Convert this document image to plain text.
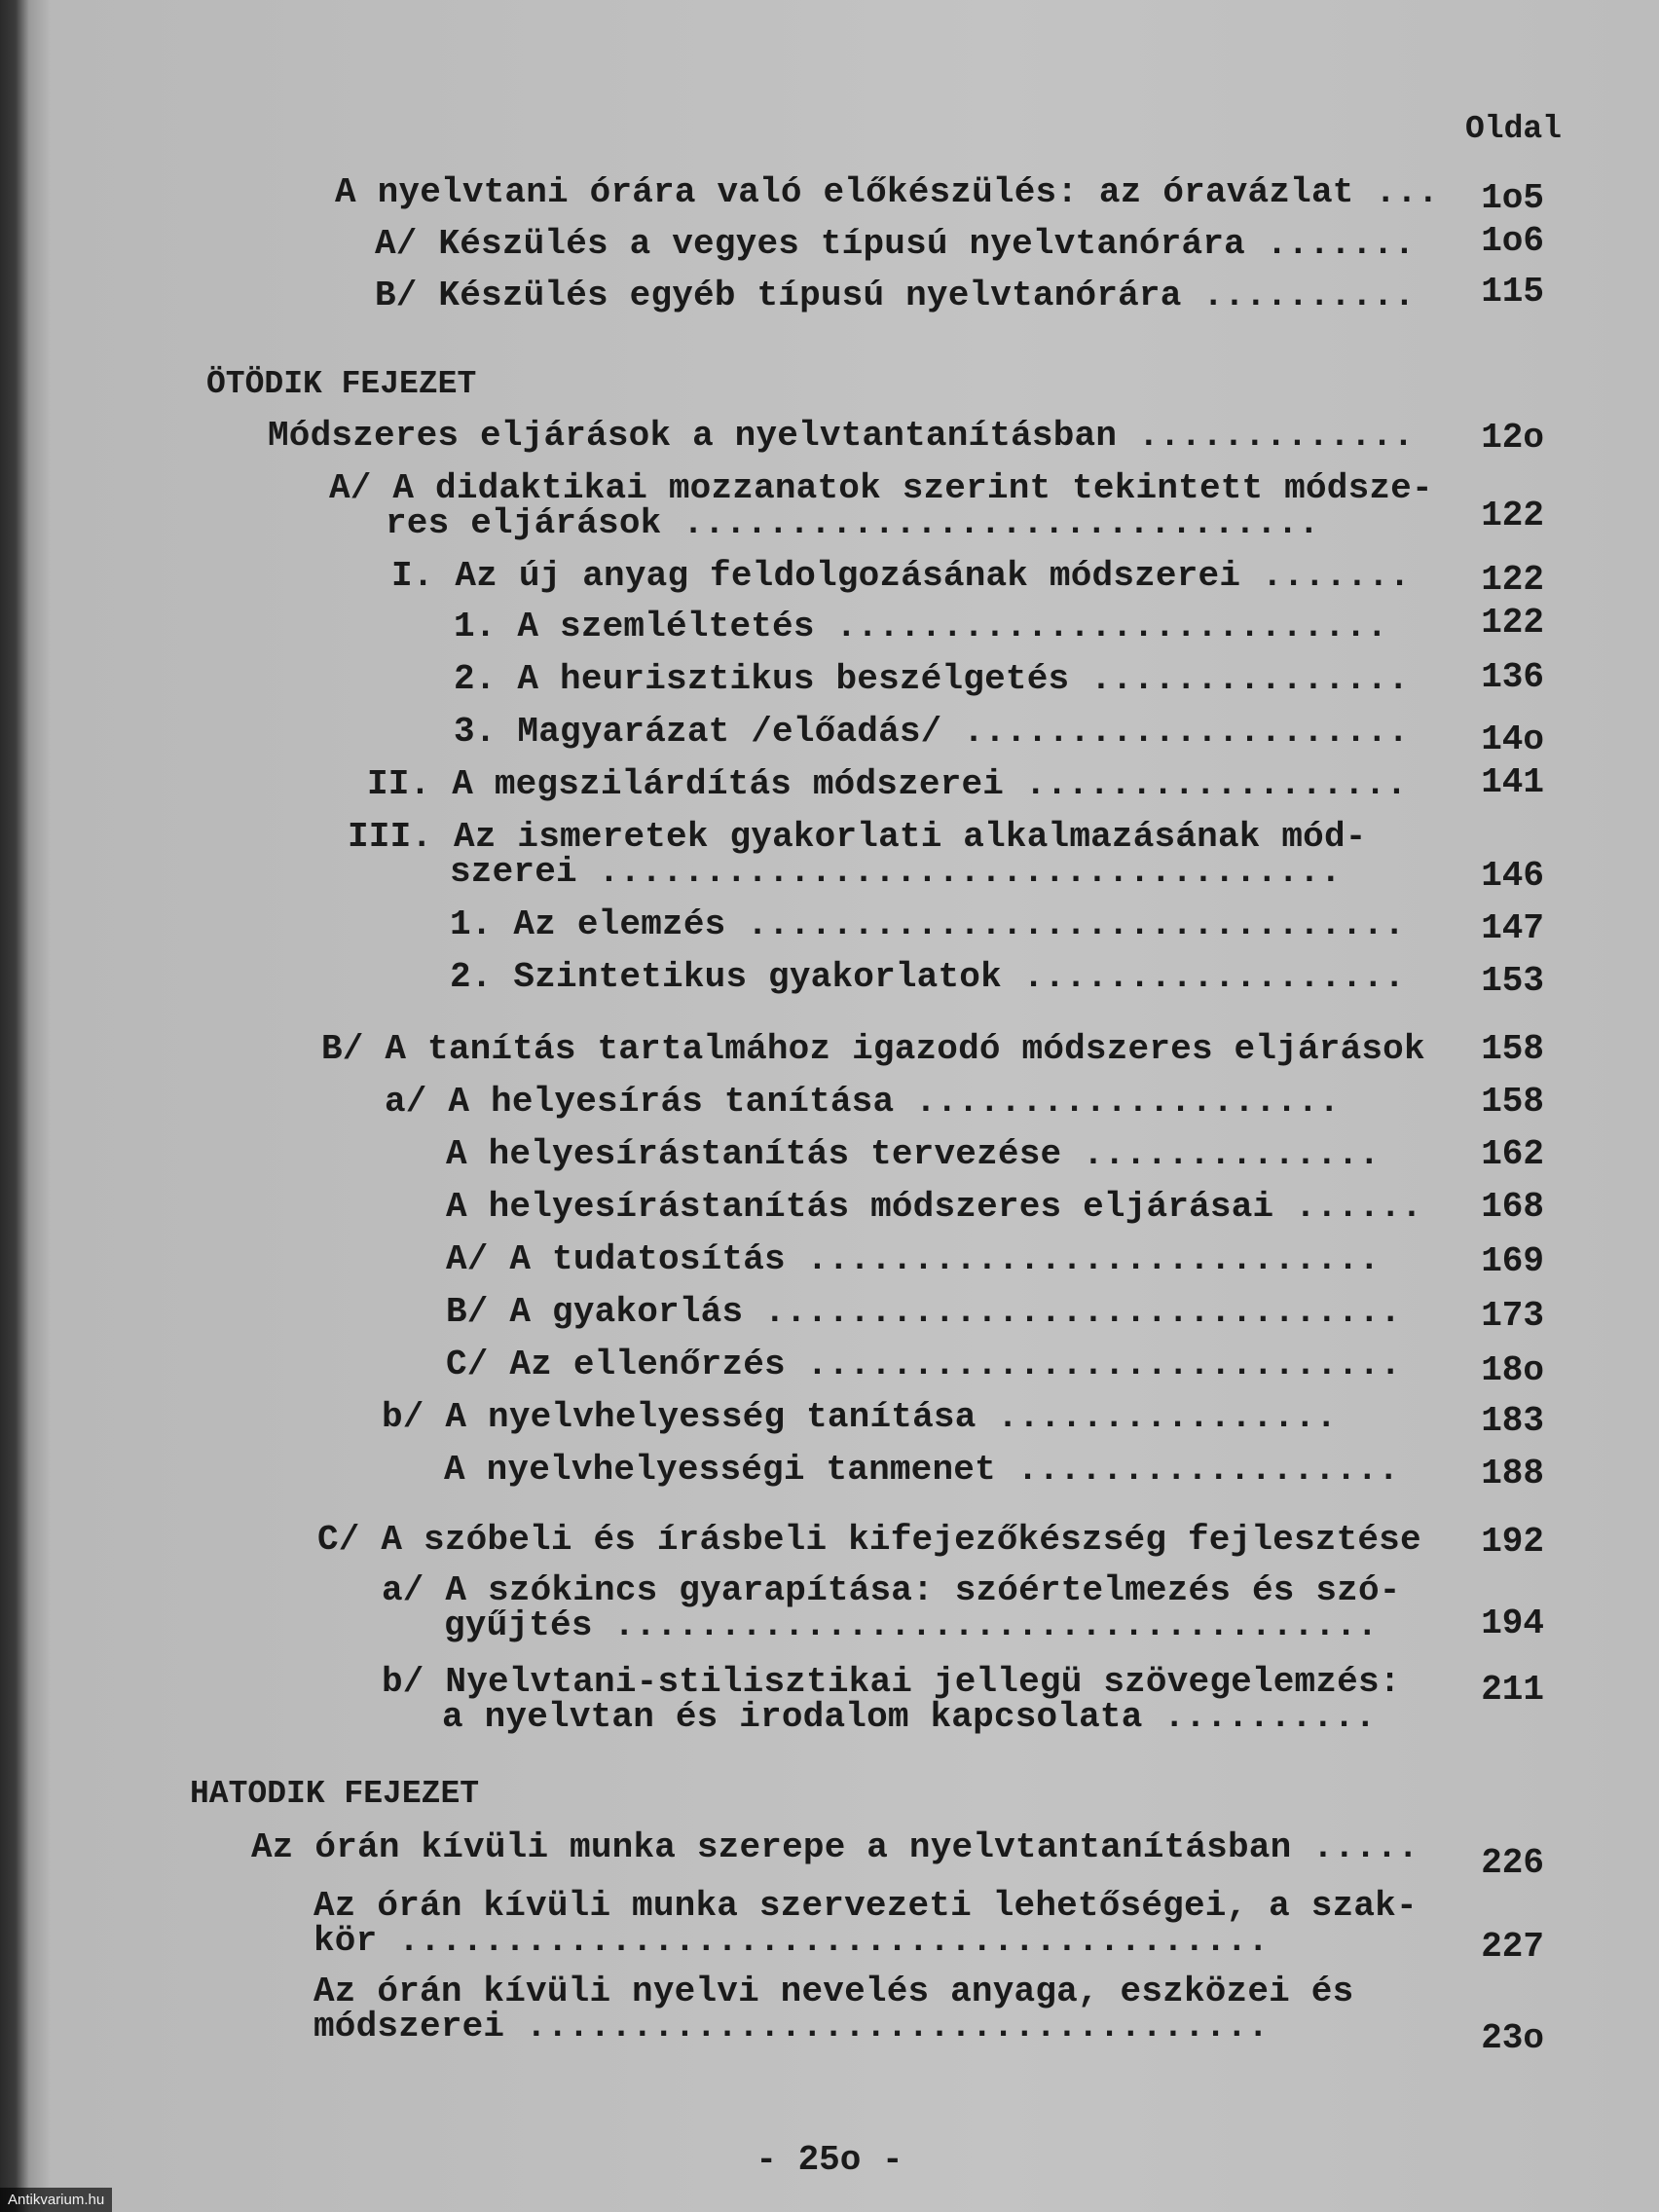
Oldal
A nyelvtani órára való előkészülés: az óravázlat ... 1o5
A/ Készülés a vegyes típusú nyelvtanórára ....... 1o6
B/ Készülés egyéb típusú nyelvtanórára .......... 115
ÖTÖDIK FEJEZET
Módszeres eljárások a nyelvtantanításban ............. 12o
A/ A didaktikai mozzanatok szerint tekintett módsze-
res eljárások ..............................	122
I. Az új anyag feldolgozásának módszerei ....... 122
1. A szemléltetés ..........................	122
2. A heurisztikus beszélgetés ............... 136
3. Magyarázat /előadás/ ..................... 14o
II. A megszilárdítás módszerei .................. 141
III. Az ismeretek gyakorlati alkalmazásának mód-
szerei ...................................	146
1. Az elemzés ............................... 147
2. Szintetikus gyakorlatok .................. 153
B/ A tanítás tartalmához igazodó módszeres eljárások 158
a/ A helyesírás tanítása ....................	158
A helyesírástanítás tervezése ..............	162
A helyesírástanítás módszeres eljárásai ...... 168
A/ A tudatosítás ...........................	169
B/ A gyakorlás .............................. 173
C/ Az ellenőrzés ............................ 18o
b/ A nyelvhelyesség tanítása ................	183
A nyelvhelyességi tanmenet .................. 188
C/ A szóbeli és írásbeli kifejezőkészség fejlesztése 192
a/ A szókincs gyarapítása: szóértelmezés és szó-
gyűjtés ....................................	194
b/ Nyelvtani-stilisztikai jellegü szövegelemzés:
a nyelvtan és irodalom kapcsolata ..........
211
HATODIK FEJEZET
Az órán kívüli munka szerepe a nyelvtantanításban ..... 226
Az órán kívüli munka szervezeti lehetőségei, a szak-
kör .........................................	227
Az órán kívüli nyelvi nevelés anyaga, eszközei és
módszerei ...................................	23o
- 25o -
Antikvarium.hu
